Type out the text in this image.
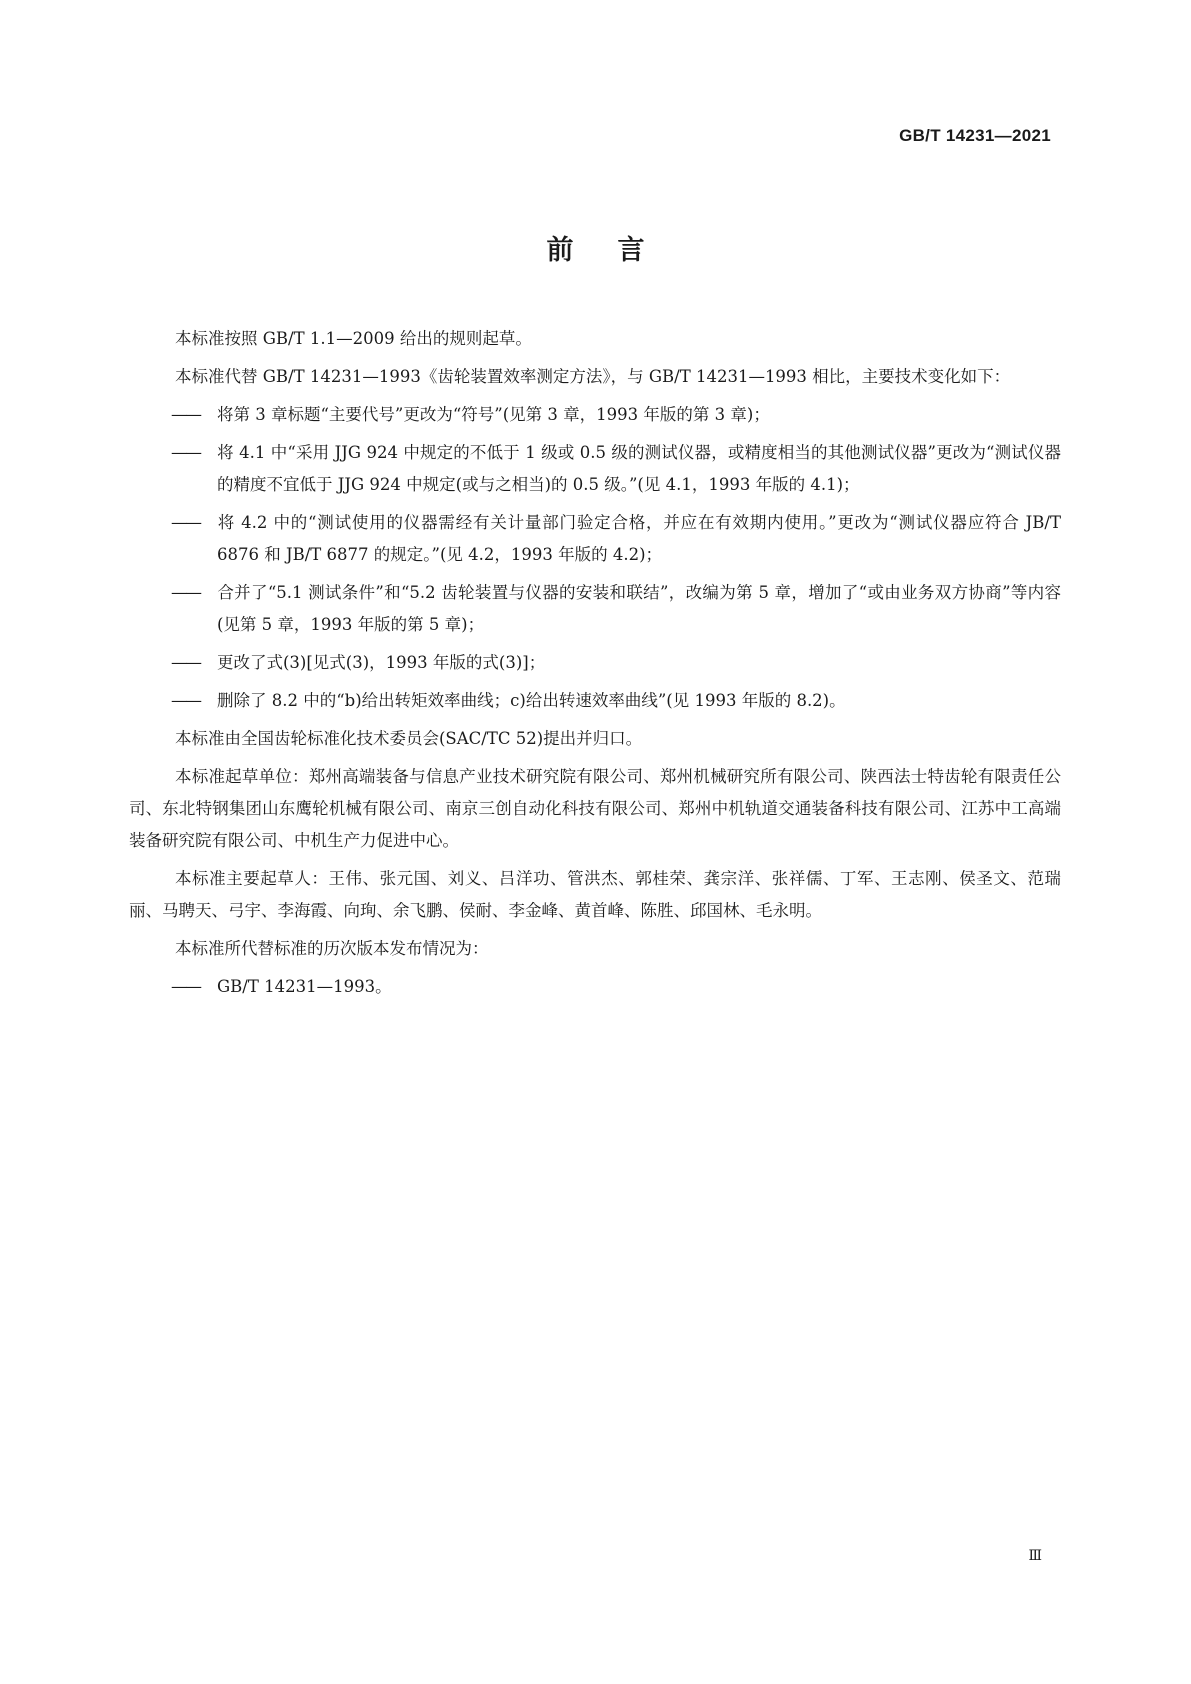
GB/T 14231—2021
前言

本标准按照 GB/T 1.1—2009 给出的规则起草。

本标准代替 GB/T 14231—1993《齿轮装置效率测定方法》，与 GB/T 14231—1993 相比，主要技术变化如下：

—— 将第 3 章标题“主要代号”更改为“符号”(见第 3 章，1993 年版的第 3 章)；

—— 将 4.1 中“采用 JJG 924 中规定的不低于 1 级或 0.5 级的测试仪器，或精度相当的其他测试仪器”更改为“测试仪器的精度不宜低于 JJG 924 中规定(或与之相当)的 0.5 级。”(见 4.1，1993 年版的 4.1)；

—— 将 4.2 中的“测试使用的仪器需经有关计量部门验定合格，并应在有效期内使用。”更改为“测试仪器应符合 JB/T 6876 和 JB/T 6877 的规定。”(见 4.2，1993 年版的 4.2)；

—— 合并了“5.1 测试条件”和“5.2 齿轮装置与仪器的安装和联结”，改编为第 5 章，增加了“或由业务双方协商”等内容(见第 5 章，1993 年版的第 5 章)；

—— 更改了式(3)[见式(3)，1993 年版的式(3)]；

—— 删除了 8.2 中的“b)给出转矩效率曲线；c)给出转速效率曲线”(见 1993 年版的 8.2)。

本标准由全国齿轮标准化技术委员会(SAC/TC 52)提出并归口。

本标准起草单位：郑州高端装备与信息产业技术研究院有限公司、郑州机械研究所有限公司、陕西法士特齿轮有限责任公司、东北特钢集团山东鹰轮机械有限公司、南京三创自动化科技有限公司、郑州中机轨道交通装备科技有限公司、江苏中工高端装备研究院有限公司、中机生产力促进中心。

本标准主要起草人：王伟、张元国、刘义、吕洋功、管洪杰、郭桂荣、龚宗洋、张祥儒、丁军、王志刚、侯圣文、范瑞丽、马聘天、弓宇、李海霞、向珣、余飞鹏、侯耐、李金峰、黄首峰、陈胜、邱国林、毛永明。

本标准所代替标准的历次版本发布情况为：

—— GB/T 14231—1993。

Ⅲ
